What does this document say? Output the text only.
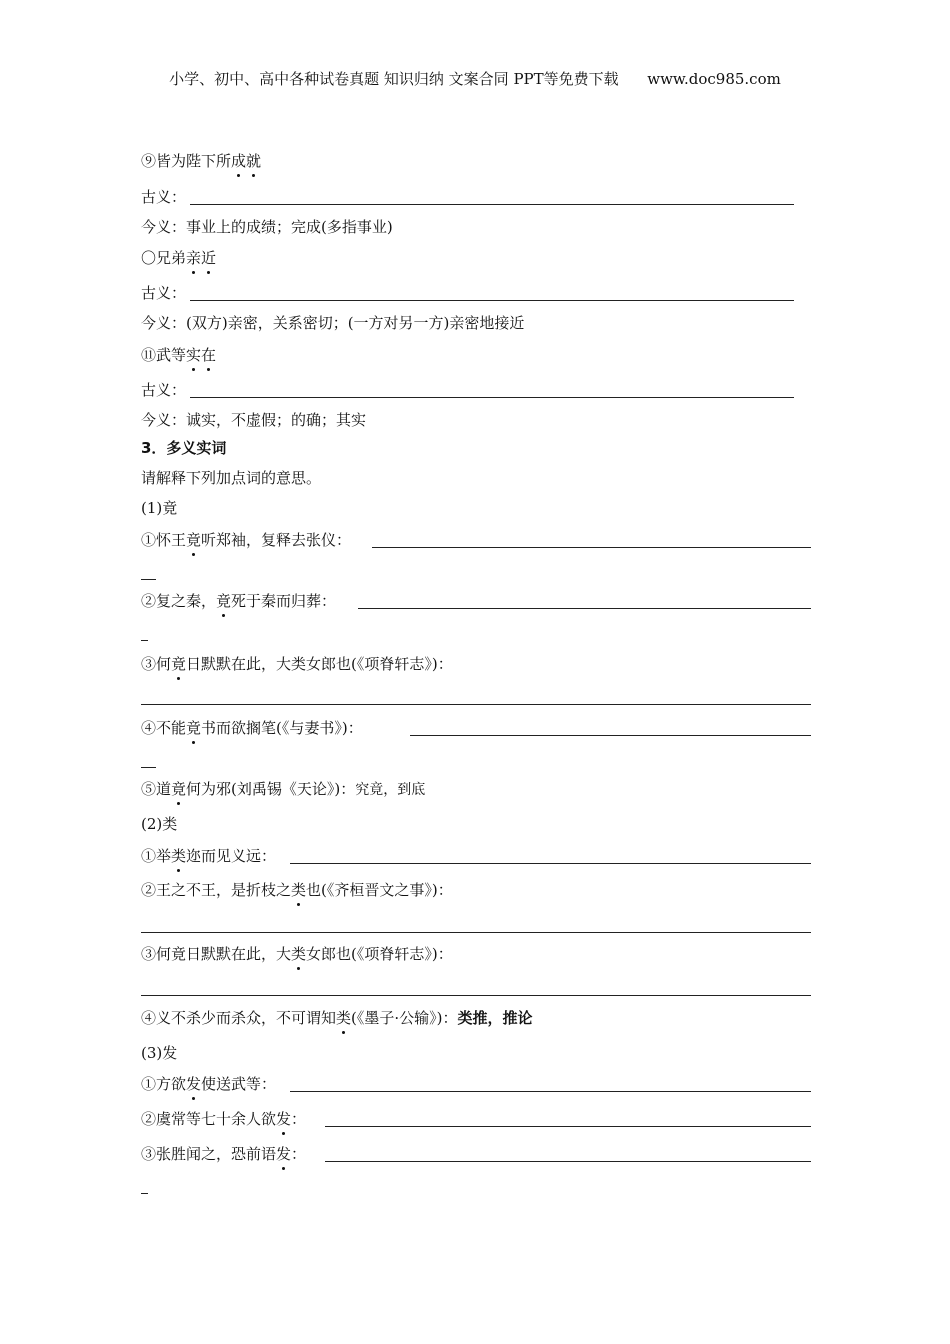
小学、初中、高中各种试卷真题 知识归纳 文案合同 PPT等免费下载      www.doc985.com
⑨皆为陛下所成就
古义：
今义：事业上的成绩；完成(多指事业)
〇兄弟亲近
古义：
今义：(双方)亲密，关系密切；(一方对另一方)亲密地接近
⑪武等实在
古义：
今义：诚实，不虚假；的确；其实
3．多义实词
请解释下列加点词的意思。
(1)竟
①怀王竟听郑袖，复释去张仪：
②复之秦，竟死于秦而归葬：
③何竟日默默在此，大类女郎也(《项脊轩志》)：
④不能竟书而欲搁笔(《与妻书》)：
⑤道竟何为邪(刘禹锡《天论》)：究竟，到底
(2)类
①举类迩而见义远：
②王之不王，是折枝之类也(《齐桓晋文之事》)：
③何竟日默默在此，大类女郎也(《项脊轩志》)：
④义不杀少而杀众，不可谓知类(《墨子·公输》)：类推，推论
(3)发
①方欲发使送武等：
②虞常等七十余人欲发：
③张胜闻之，恐前语发：
